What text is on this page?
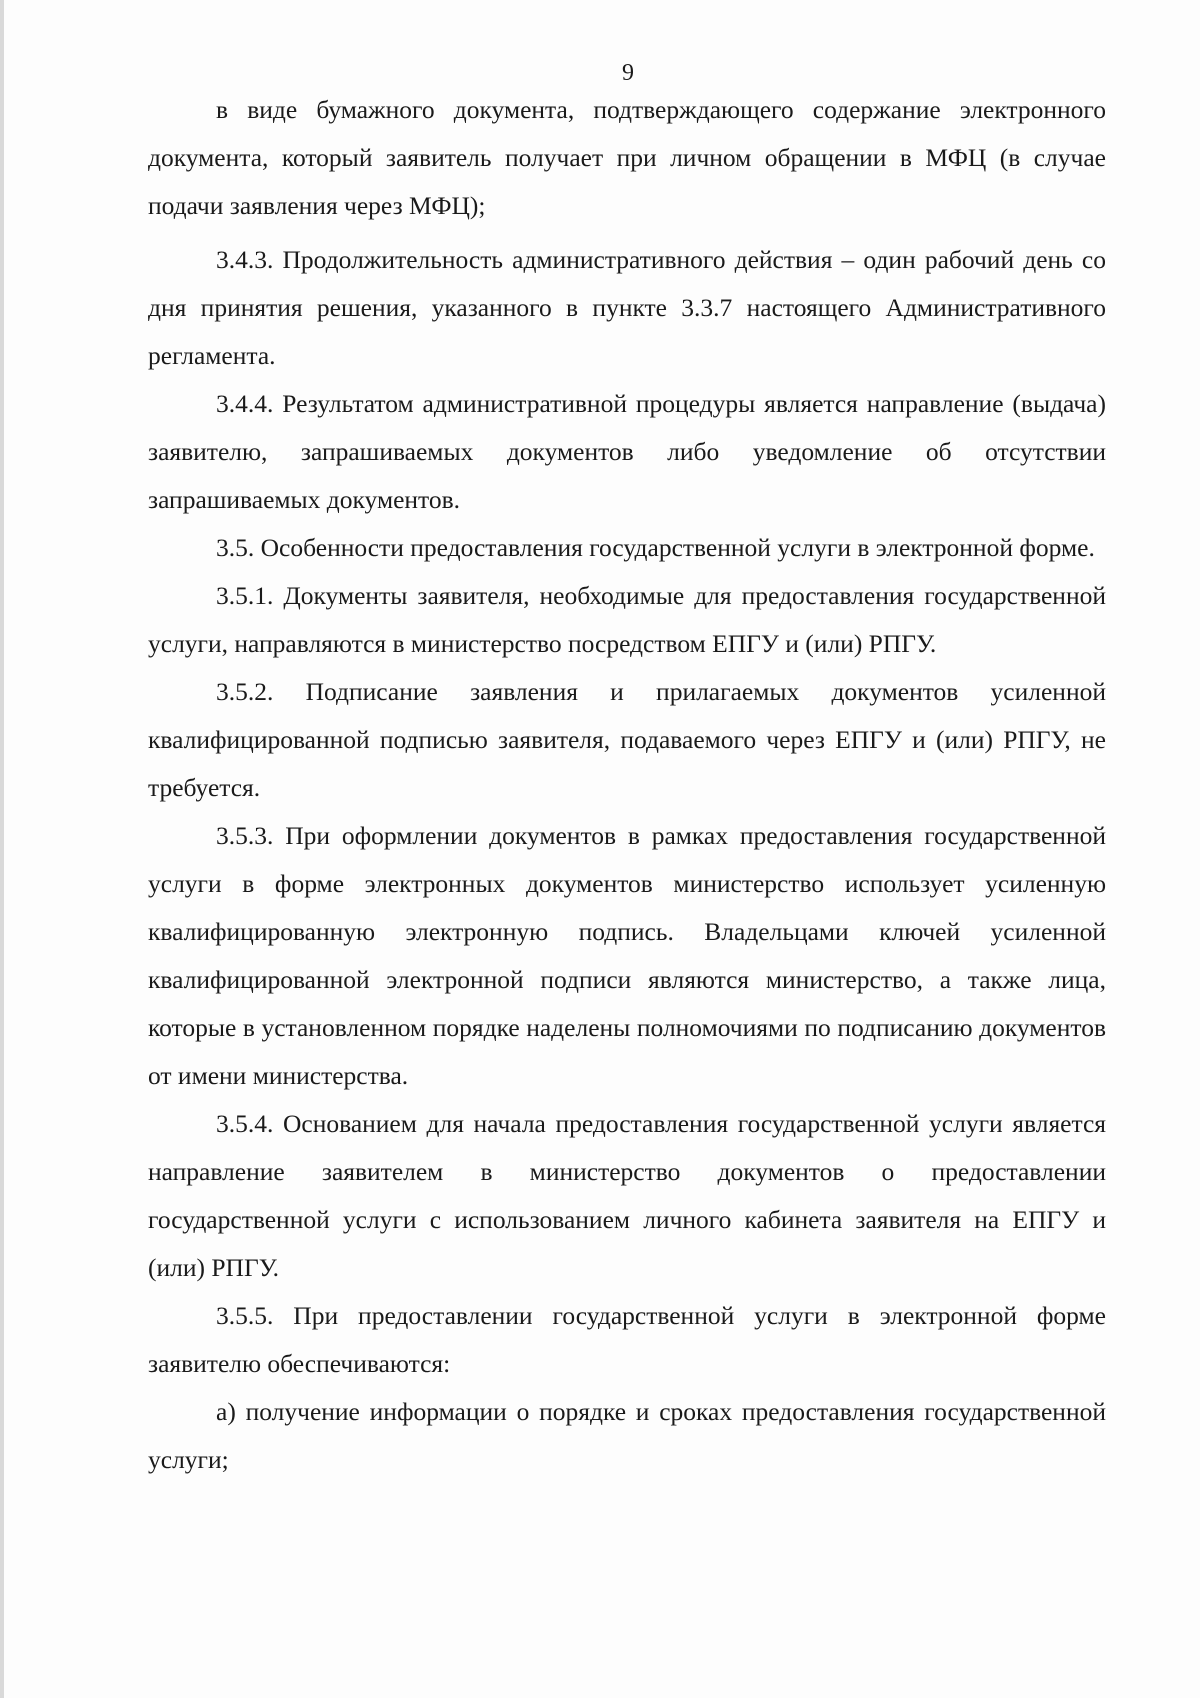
9

в виде бумажного документа, подтверждающего содержание электронного документа, который заявитель получает при личном обращении в МФЦ (в случае подачи заявления через МФЦ);

3.4.3. Продолжительность административного действия – один рабочий день со дня принятия решения, указанного в пункте 3.3.7 настоящего Административного регламента.

3.4.4. Результатом административной процедуры является направление (выдача) заявителю, запрашиваемых документов либо уведомление об отсутствии запрашиваемых документов.

3.5. Особенности предоставления государственной услуги в электронной форме.

3.5.1. Документы заявителя, необходимые для предоставления государственной услуги, направляются в министерство посредством ЕПГУ и (или) РПГУ.

3.5.2. Подписание заявления и прилагаемых документов усиленной квалифицированной подписью заявителя, подаваемого через ЕПГУ и (или) РПГУ, не требуется.

3.5.3. При оформлении документов в рамках предоставления государственной услуги в форме электронных документов министерство использует усиленную квалифицированную электронную подпись. Владельцами ключей усиленной квалифицированной электронной подписи являются министерство, а также лица, которые в установленном порядке наделены полномочиями по подписанию документов от имени министерства.

3.5.4. Основанием для начала предоставления государственной услуги является направление заявителем в министерство документов о предоставлении государственной услуги с использованием личного кабинета заявителя на ЕПГУ и (или) РПГУ.

3.5.5. При предоставлении государственной услуги в электронной форме заявителю обеспечиваются:

а) получение информации о порядке и сроках предоставления государственной услуги;
